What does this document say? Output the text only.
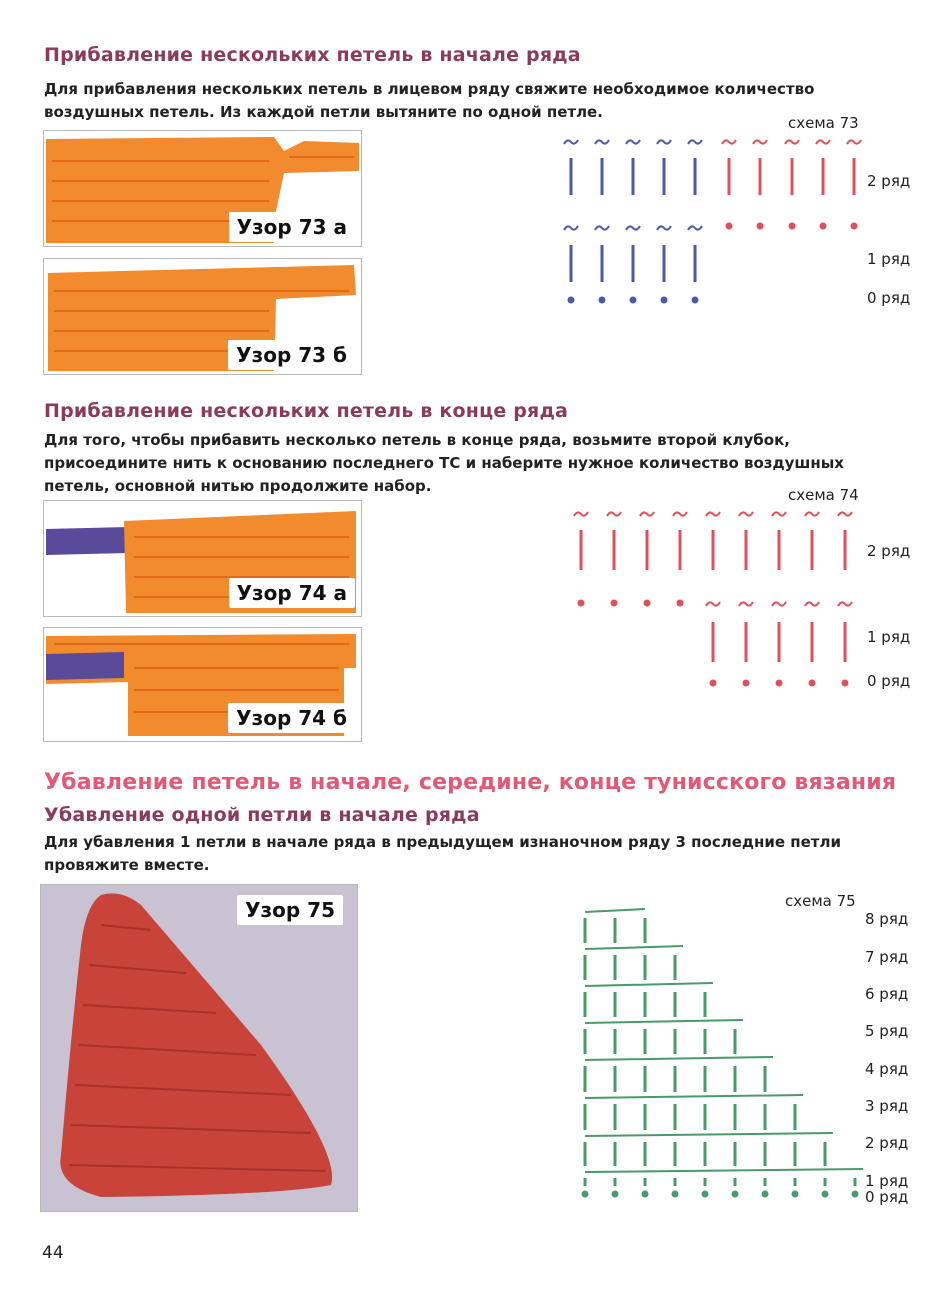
Прибавление нескольких петель в начале ряда
Для прибавления нескольких петель в лицевом ряду свяжите необходимое количество
воздушных петель. Из каждой петли вытяните по одной петле.
Узор 73 а
Узор 73 б
схема 73
2 ряд
1 ряд
0 ряд
Прибавление нескольких петель в конце ряда
Для того, чтобы прибавить несколько петель в конце ряда, возьмите второй клубок,
присоедините нить к основанию последнего ТС и наберите нужное количество воздушных
петель, основной нитью продолжите набор.
Узор 74 а
Узор 74 б
схема 74
2 ряд
1 ряд
0 ряд
Убавление петель в начале, середине, конце тунисского вязания
Убавление одной петли в начале ряда
Для убавления 1 петли в начале ряда в предыдущем изнаночном ряду 3 последние петли
провяжите вместе.
Узор 75	схема 75
8 ряд
7 ряд
6 ряд
5 ряд
4 ряд
3 ряд
2 ряд
1 ряд
0 ряд
44
